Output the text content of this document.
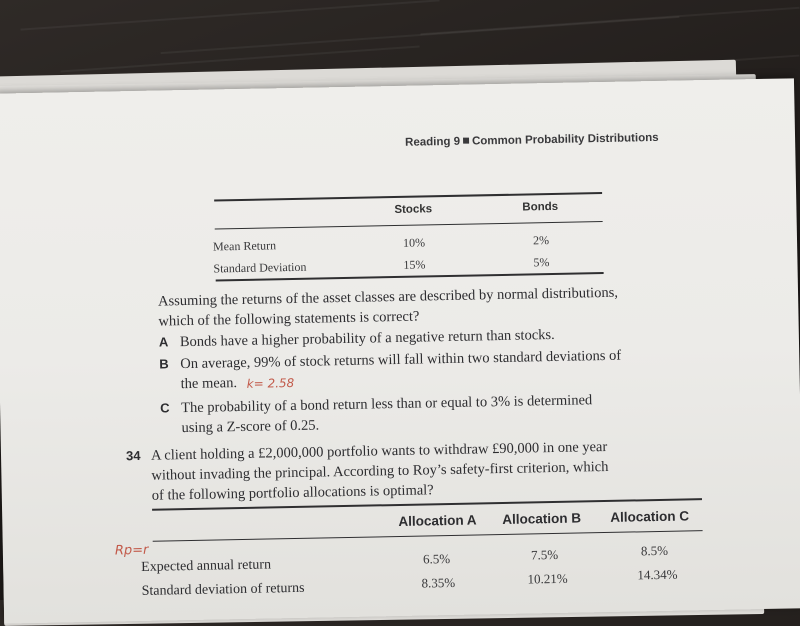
Reading 9 Common Probability Distributions
Stocks	Bonds
Mean Return	10%	2%
Standard Deviation	15%	5%
Assuming the returns of the asset classes are described by normal distributions,
which of the following statements is correct?
A Bonds have a higher probability of a negative return than stocks.
B On average, 99% of stock returns will fall within two standard deviations of
the mean. k= 2.58
C The probability of a bond return less than or equal to 3% is determined
using a Z-score of 0.25.
34 A client holding a £2,000,000 portfolio wants to withdraw £90,000 in one year
without invading the principal. According to Roy’s safety-first criterion, which
of the following portfolio allocations is optimal?
Allocation A Allocation B Allocation C
Rp=r
Expected annual return	6.5%	7.5%	8.5%
Standard deviation of returns	8.35%	10.21%	14.34%
